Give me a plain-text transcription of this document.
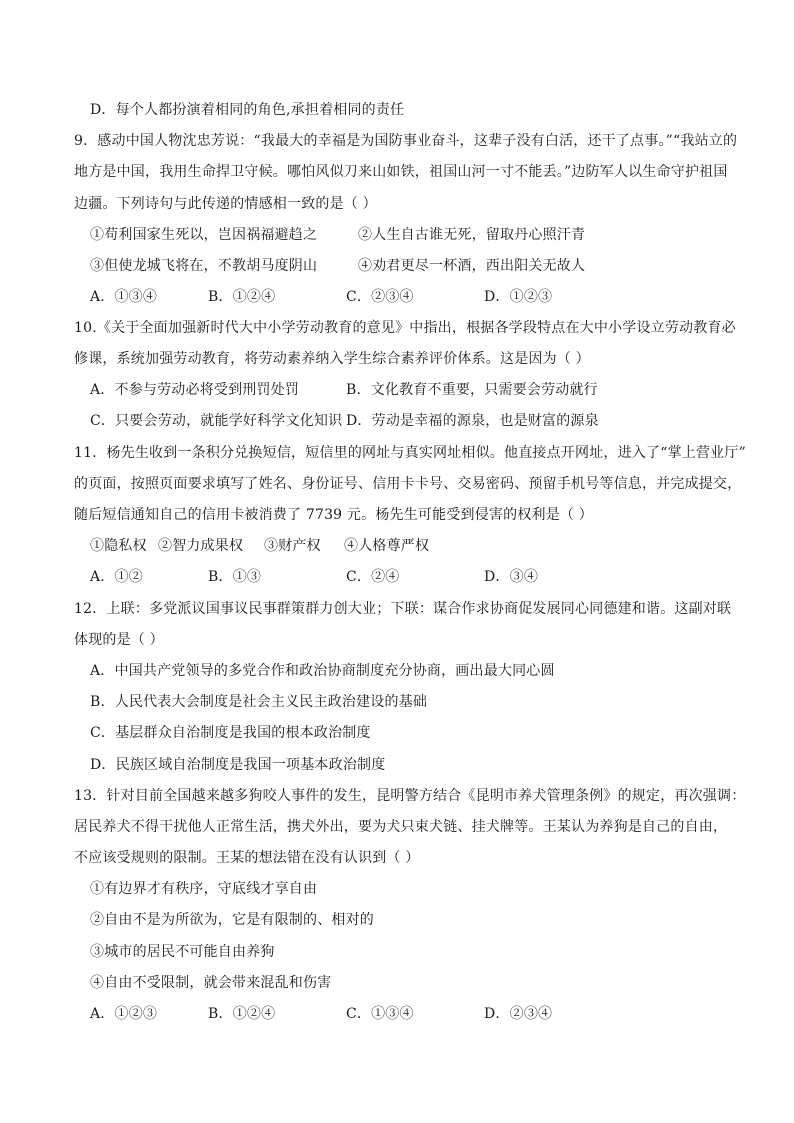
D．每个人都扮演着相同的角色,承担着相同的责任
9．感动中国人物沈忠芳说：“我最大的幸福是为国防事业奋斗，这辈子没有白活，还干了点事。”“我站立的
地方是中国，我用生命捍卫守候。哪怕风似刀来山如铁，祖国山河一寸不能丢。”边防军人以生命守护祖国
边疆。下列诗句与此传递的情感相一致的是（ ）
①苟利国家生死以，岂因祸福避趋之	②人生自古谁无死，留取丹心照汗青
③但使龙城飞将在，不教胡马度阴山	④劝君更尽一杯酒，西出阳关无故人
A．①③④	B．①②④	C．②③④	D．①②③
10.《关于全面加强新时代大中小学劳动教育的意见》中指出，根据各学段特点在大中小学设立劳动教育必
修课，系统加强劳动教育，将劳动素养纳入学生综合素养评价体系。这是因为（ ）
A．不参与劳动必将受到刑罚处罚	B．文化教育不重要，只需要会劳动就行
C．只要会劳动，就能学好科学文化知识 D．劳动是幸福的源泉，也是财富的源泉
11．杨先生收到一条积分兑换短信，短信里的网址与真实网址相似。他直接点开网址，进入了“掌上营业厅”
的页面，按照页面要求填写了姓名、身份证号、信用卡卡号、交易密码、预留手机号等信息，并完成提交，
随后短信通知自己的信用卡被消费了 7739 元。杨先生可能受到侵害的权利是（ ）
①隐私权 ②智力成果权 ③财产权 ④人格尊严权
A．①②	B．①③	C．②④	D．③④
12．上联：多党派议国事议民事群策群力创大业；下联：谋合作求协商促发展同心同德建和谐。这副对联
体现的是（ ）
A．中国共产党领导的多党合作和政治协商制度充分协商，画出最大同心圆
B．人民代表大会制度是社会主义民主政治建设的基础
C．基层群众自治制度是我国的根本政治制度
D．民族区域自治制度是我国一项基本政治制度
13．针对目前全国越来越多狗咬人事件的发生，昆明警方结合《昆明市养犬管理条例》的规定，再次强调：
居民养犬不得干扰他人正常生活，携犬外出，要为犬只束犬链、挂犬牌等。王某认为养狗是自己的自由，
不应该受规则的限制。王某的想法错在没有认识到（ ）
①有边界才有秩序，守底线才享自由
②自由不是为所欲为，它是有限制的、相对的
③城市的居民不可能自由养狗
④自由不受限制，就会带来混乱和伤害
A．①②③	B．①②④	C．①③④	D．②③④
